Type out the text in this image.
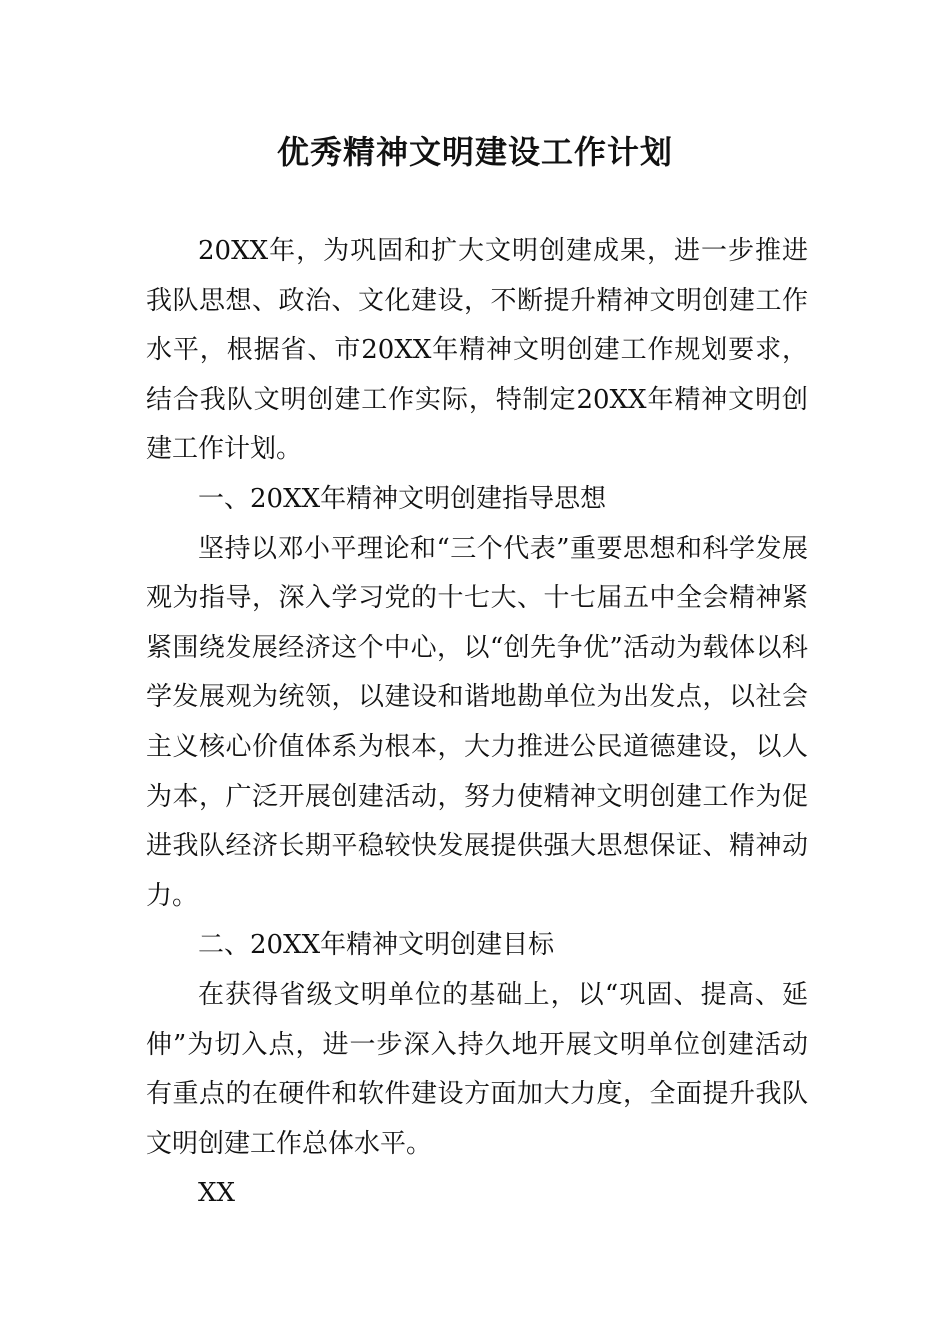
优秀精神文明建设工作计划

20XX年，为巩固和扩大文明创建成果，进一步推进我队思想、政治、文化建设，不断提升精神文明创建工作水平，根据省、市20XX年精神文明创建工作规划要求，结合我队文明创建工作实际，特制定20XX年精神文明创建工作计划。

一、20XX年精神文明创建指导思想

坚持以邓小平理论和“三个代表”重要思想和科学发展观为指导，深入学习党的十七大、十七届五中全会精神紧紧围绕发展经济这个中心，以“创先争优”活动为载体以科学发展观为统领，以建设和谐地勘单位为出发点，以社会主义核心价值体系为根本，大力推进公民道德建设，以人为本，广泛开展创建活动，努力使精神文明创建工作为促进我队经济长期平稳较快发展提供强大思想保证、精神动力。

二、20XX年精神文明创建目标

在获得省级文明单位的基础上，以“巩固、提高、延伸”为切入点，进一步深入持久地开展文明单位创建活动有重点的在硬件和软件建设方面加大力度，全面提升我队文明创建工作总体水平。

XX
